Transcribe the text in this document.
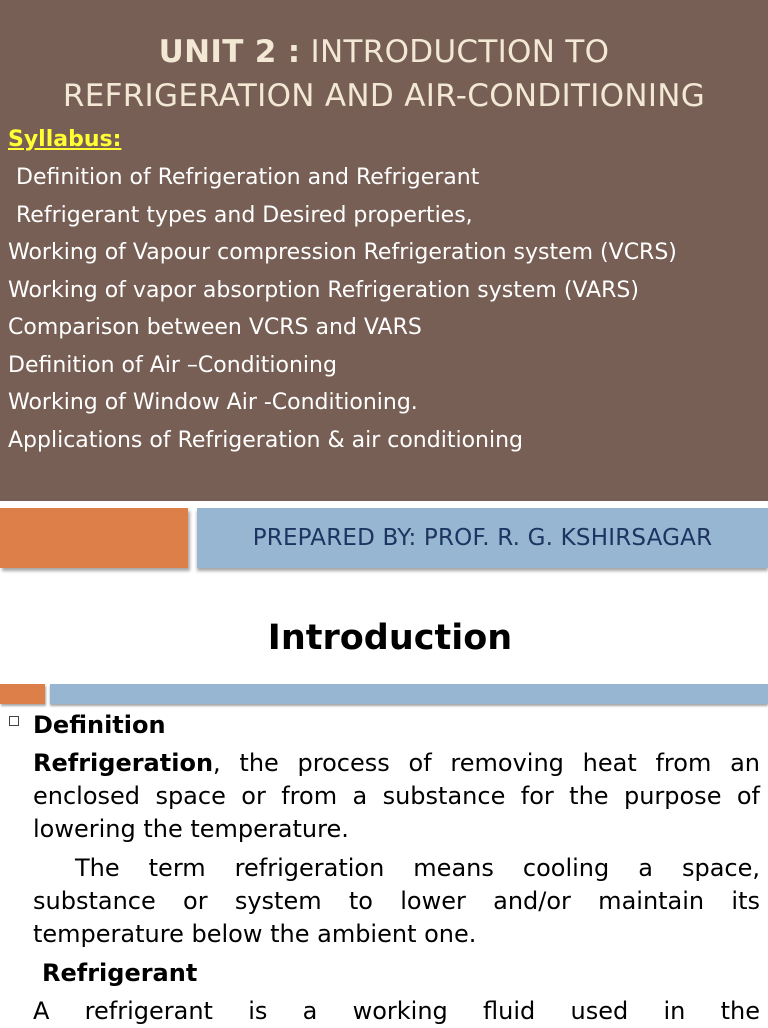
UNIT 2 : INTRODUCTION TO
REFRIGERATION AND AIR-CONDITIONING
Syllabus:
Definition of Refrigeration and Refrigerant
Refrigerant types and Desired properties,
Working of Vapour compression Refrigeration system (VCRS)
Working of vapor absorption Refrigeration system (VARS)
Comparison between VCRS and VARS
Definition of Air –Conditioning
Working of Window Air -Conditioning.
Applications of Refrigeration & air conditioning
PREPARED BY: PROF. R. G. KSHIRSAGAR
Introduction
Definition

Refrigeration, the process of removing heat from an enclosed space or from a substance for the purpose of lowering the temperature.

The term refrigeration means cooling a space, substance or system to lower and/or maintain its temperature below the ambient one.

Refrigerant

A refrigerant is a working fluid used in the
